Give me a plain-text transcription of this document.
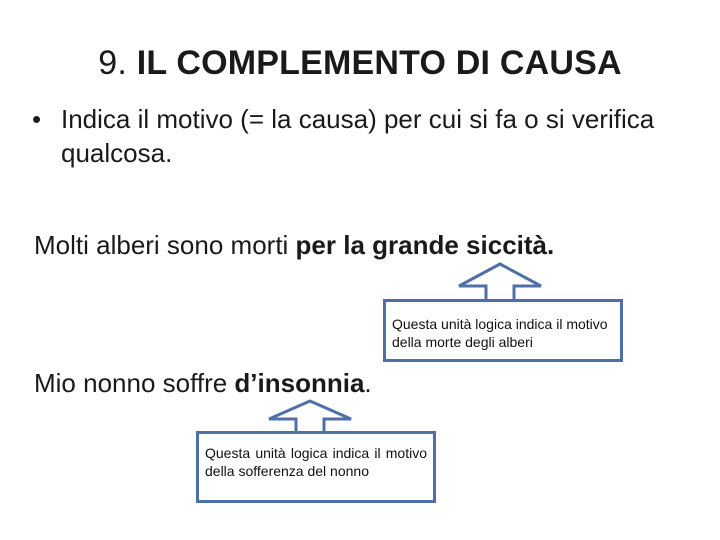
9. IL COMPLEMENTO DI CAUSA
• Indica il motivo (= la causa) per cui si fa o si verifica qualcosa.
Molti alberi sono morti per la grande siccità.
Questa unità logica indica il motivo della morte degli alberi
Mio nonno soffre d’insonnia.
Questa unità logica indica il motivo della sofferenza del nonno
